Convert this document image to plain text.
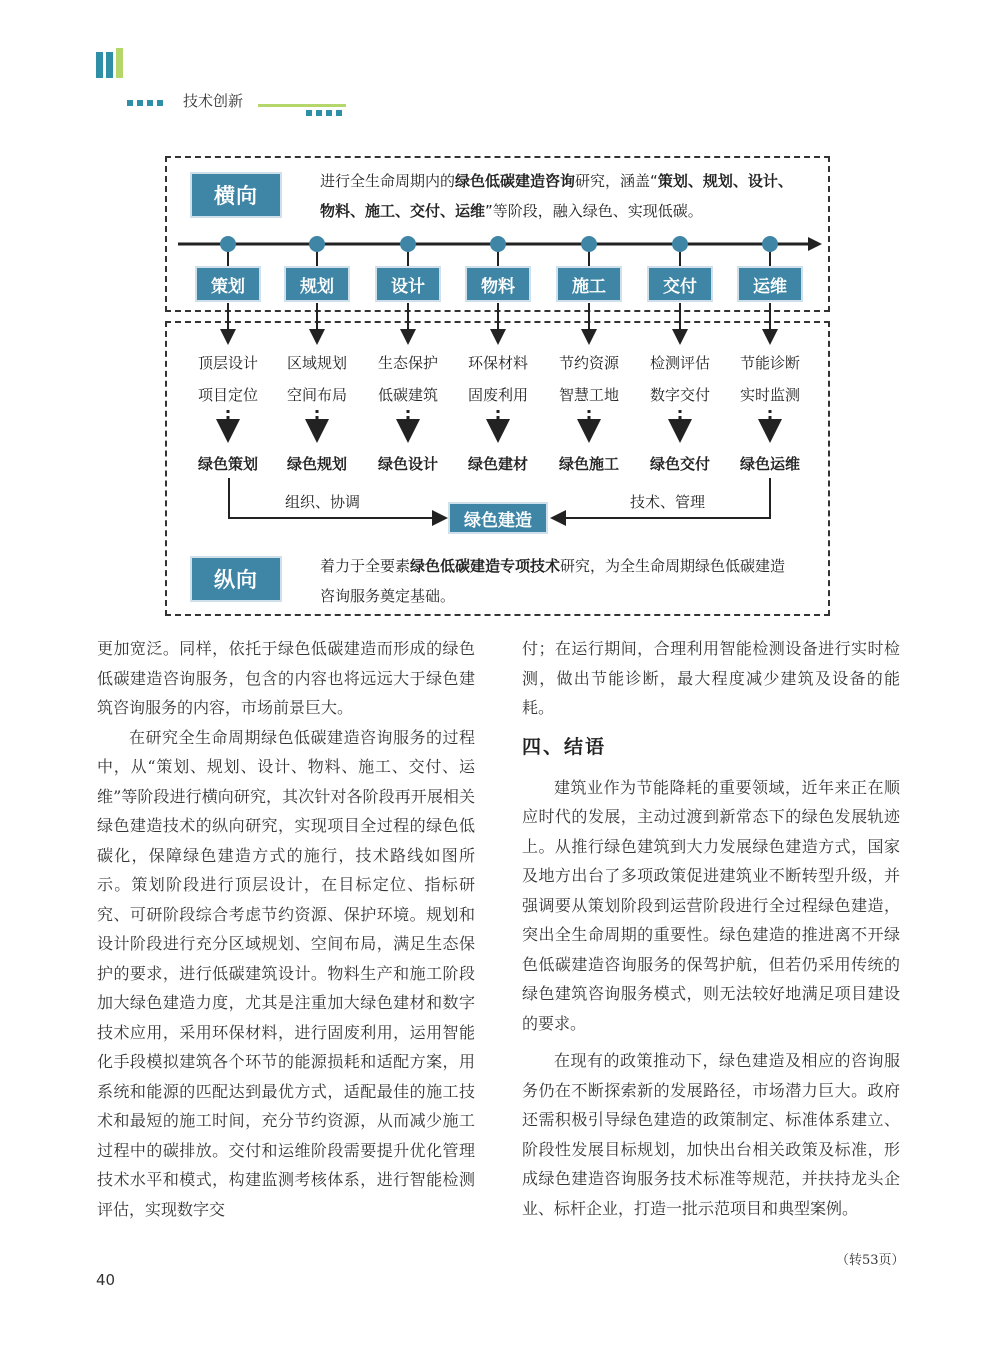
技术创新
横向
进行全生命周期内的绿色低碳建造咨询研究，涵盖“策划、规划、设计、物料、施工、交付、运维”等阶段，融入绿色、实现低碳。
策划
顶层设计
项目定位
绿色策划
规划
区域规划
空间布局
绿色规划
设计
生态保护
低碳建筑
绿色设计
物料
环保材料
固废利用
绿色建材
施工
节约资源
智慧工地
绿色施工
交付
检测评估
数字交付
绿色交付
运维
节能诊断
实时监测
绿色运维
组织、协调	技术、管理
绿色建造
纵向
着力于全要素绿色低碳建造专项技术研究，为全生命周期绿色低碳建造咨询服务奠定基础。

更加宽泛。同样，依托于绿色低碳建造而形成的绿色低碳建造咨询服务，包含的内容也将远远大于绿色建筑咨询服务的内容，市场前景巨大。

在研究全生命周期绿色低碳建造咨询服务的过程中，从“策划、规划、设计、物料、施工、交付、运维”等阶段进行横向研究，其次针对各阶段再开展相关绿色建造技术的纵向研究，实现项目全过程的绿色低碳化，保障绿色建造方式的施行，技术路线如图所示。策划阶段进行顶层设计，在目标定位、指标研究、可研阶段综合考虑节约资源、保护环境。规划和设计阶段进行充分区域规划、空间布局，满足生态保护的要求，进行低碳建筑设计。物料生产和施工阶段加大绿色建造力度，尤其是注重加大绿色建材和数字技术应用，采用环保材料，进行固废利用，运用智能化手段模拟建筑各个环节的能源损耗和适配方案，用系统和能源的匹配达到最优方式，适配最佳的施工技术和最短的施工时间，充分节约资源，从而减少施工过程中的碳排放。交付和运维阶段需要提升优化管理技术水平和模式，构建监测考核体系，进行智能检测评估，实现数字交

付；在运行期间，合理利用智能检测设备进行实时检测，做出节能诊断，最大程度减少建筑及设备的能耗。

四、结语

建筑业作为节能降耗的重要领域，近年来正在顺应时代的发展，主动过渡到新常态下的绿色发展轨迹上。从推行绿色建筑到大力发展绿色建造方式，国家及地方出台了多项政策促进建筑业不断转型升级，并强调要从策划阶段到运营阶段进行全过程绿色建造，突出全生命周期的重要性。绿色建造的推进离不开绿色低碳建造咨询服务的保驾护航，但若仍采用传统的绿色建筑咨询服务模式，则无法较好地满足项目建设的要求。

在现有的政策推动下，绿色建造及相应的咨询服务仍在不断探索新的发展路径，市场潜力巨大。政府还需积极引导绿色建造的政策制定、标准体系建立、阶段性发展目标规划，加快出台相关政策及标准，形成绿色建造咨询服务技术标准等规范，并扶持龙头企业、标杆企业，打造一批示范项目和典型案例。

（转53页）
40
